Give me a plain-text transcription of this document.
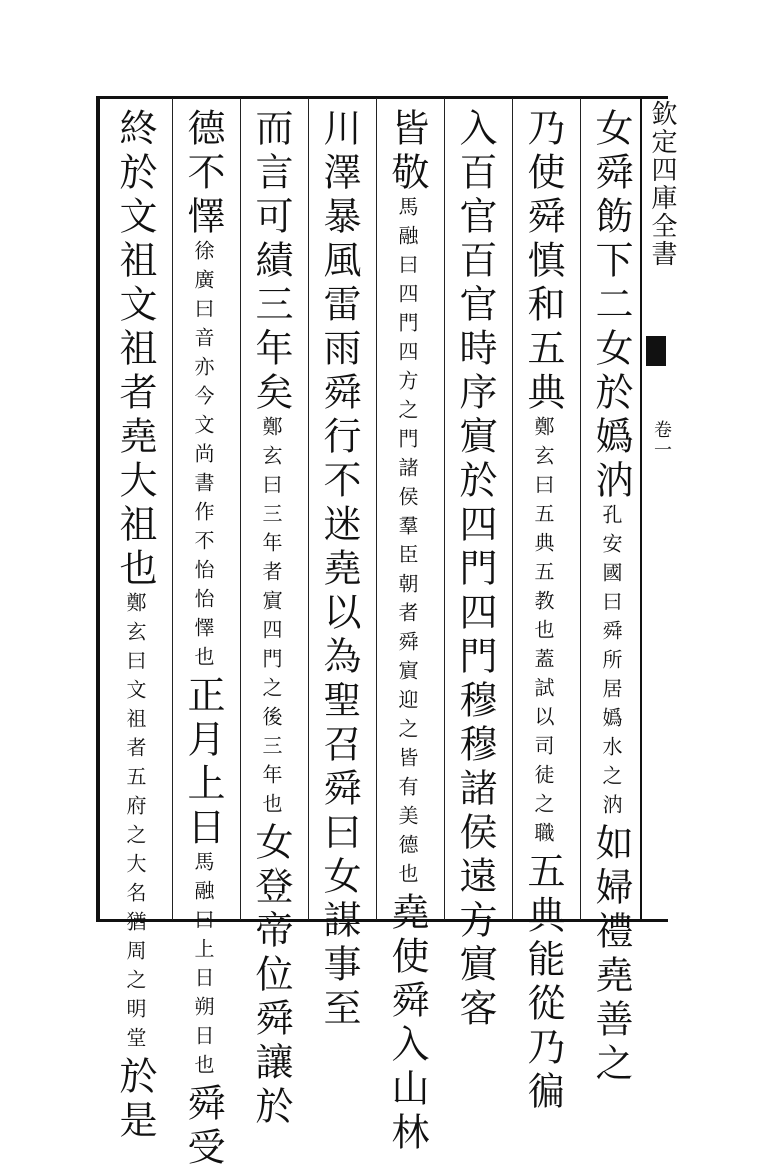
欽定四庫全書
卷一
女舜飭下二女於嬀汭孔安國曰舜所居嬀水之汭如婦禮堯善之
乃使舜慎和五典鄭玄曰五典五教也蓋試以司徒之職五典能從乃徧
入百官百官時序賔於四門四門穆穆諸侯遠方賔客
皆敬馬融曰四門四方之門諸侯羣臣朝者舜賔迎之皆有美德也堯使舜入山林
川澤暴風雷雨舜行不迷堯以為聖召舜曰女謀事至
而言可績三年矣鄭玄曰三年者賔四門之後三年也女登帝位舜讓於
德不懌徐廣曰音亦今文尚書作不怡怡懌也正月上日馬融曰上日朔日也舜受
終於文祖文祖者堯大祖也鄭玄曰文祖者五府之大名猶周之明堂於是
